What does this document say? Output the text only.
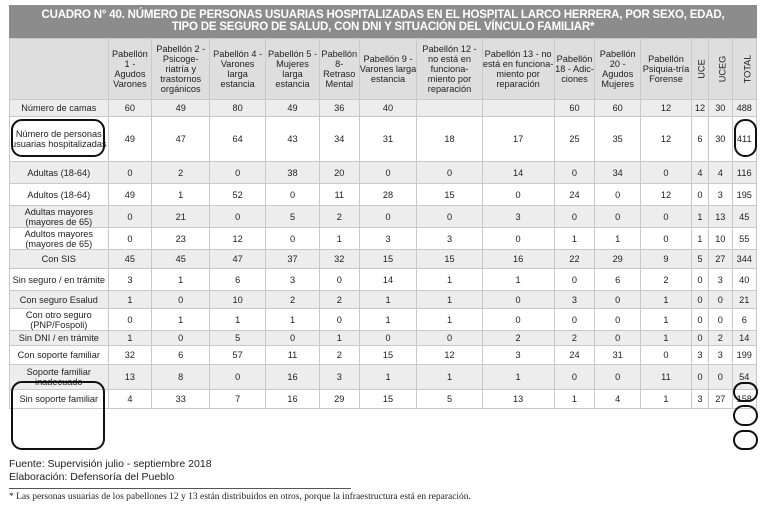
CUADRO N° 40. NÚMERO DE PERSONAS USUARIAS HOSPITALIZADAS EN EL HOSPITAL LARCO HERRERA, POR SEXO, EDAD,
TIPO DE SEGURO DE SALUD, CON DNI Y SITUACIÓN DEL VÍNCULO FAMILIAR*
	Pabellón 1 - Agudos Varones	Pabellón 2 - Psicoge-riatría y trastornos orgánicos	Pabellón 4 - Varones larga estancia	Pabellón 5 - Mujeres larga estancia	Pabellón 8- Retraso Mental	Pabellón 9 - Varones larga estancia	Pabellón 12 - no está en funciona-miento por reparación	Pabellón 13 - no está en funciona-miento por reparación	Pabellón 18 - Adic-ciones	Pabellón 20 - Agudos Mujeres	Pabellón Psiquia-tría Forense	UCE	UCEG	TOTAL
Número de camas	60	49	80	49	36	40			60	60	12	12	30	488
Número de personas usuarias hospitalizadas	49	47	64	43	34	31	18	17	25	35	12	6	30	411
Adultas (18-64)	0	2	0	38	20	0	0	14	0	34	0	4	4	116
Adultos (18-64)	49	1	52	0	11	28	15	0	24	0	12	0	3	195
Adultas mayores (mayores de 65)	0	21	0	5	2	0	0	3	0	0	0	1	13	45
Adultos mayores (mayores de 65)	0	23	12	0	1	3	3	0	1	1	0	1	10	55
Con SIS	45	45	47	37	32	15	15	16	22	29	9	5	27	344
Sin seguro / en trámite	3	1	6	3	0	14	1	1	0	6	2	0	3	40
Con seguro Esalud	1	0	10	2	2	1	1	0	3	0	1	0	0	21
Con otro seguro (PNP/Fospoli)	0	1	1	1	0	1	1	0	0	0	1	0	0	6
Sin DNI / en trámite	1	0	5	0	1	0	0	2	2	0	1	0	2	14
Con soporte familiar	32	6	57	11	2	15	12	3	24	31	0	3	3	199
Soporte familiar inadecuado	13	8	0	16	3	1	1	1	0	0	11	0	0	54
Sin soporte familiar	4	33	7	16	29	15	5	13	1	4	1	3	27	158
Fuente: Supervisión julio - septiembre 2018
Elaboración: Defensoría del Pueblo
* Las personas usuarias de los pabellones 12 y 13 están distribuidos en otros, porque la infraestructura está en reparación.
